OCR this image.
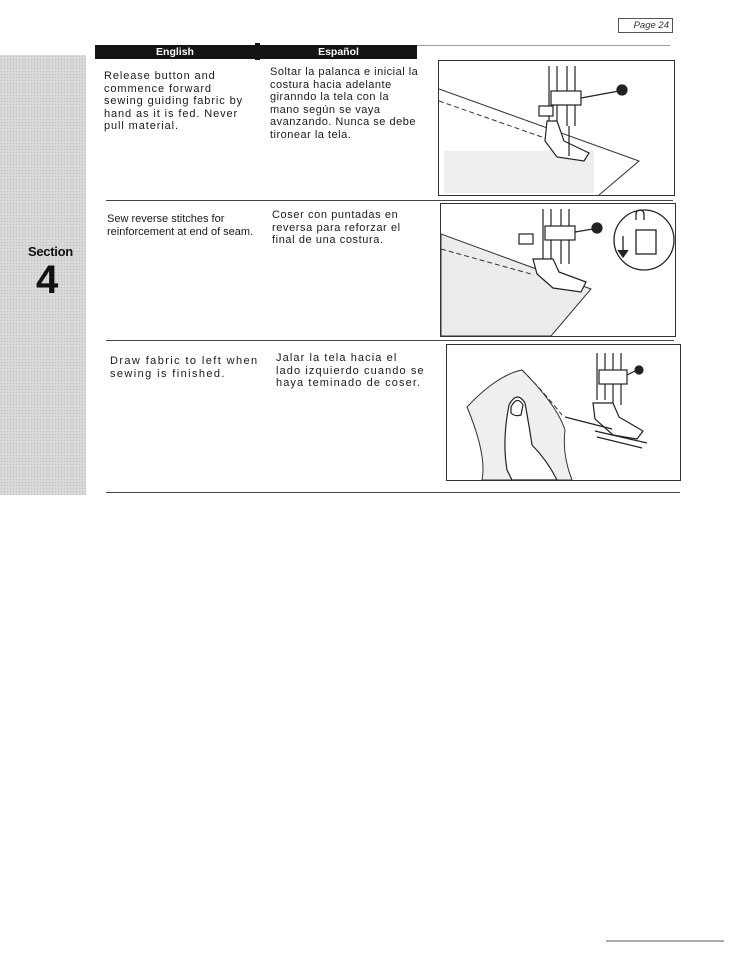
Section
4
Page 24
English	Español
Release button and commence forward sewing guiding fabric by hand as it is fed. Never pull material.
Soltar la palanca e inicial la costura hacia adelante giranndo la tela con la mano según se vaya avanzando. Nunca se debe tironear la tela.
Sew reverse stitches for reinforcement at end of seam.
Coser con puntadas en reversa para reforzar el final de una costura.
Draw fabric to left when sewing is finished.
Jalar la tela hacia el lado izquierdo cuando se haya teminado de coser.
